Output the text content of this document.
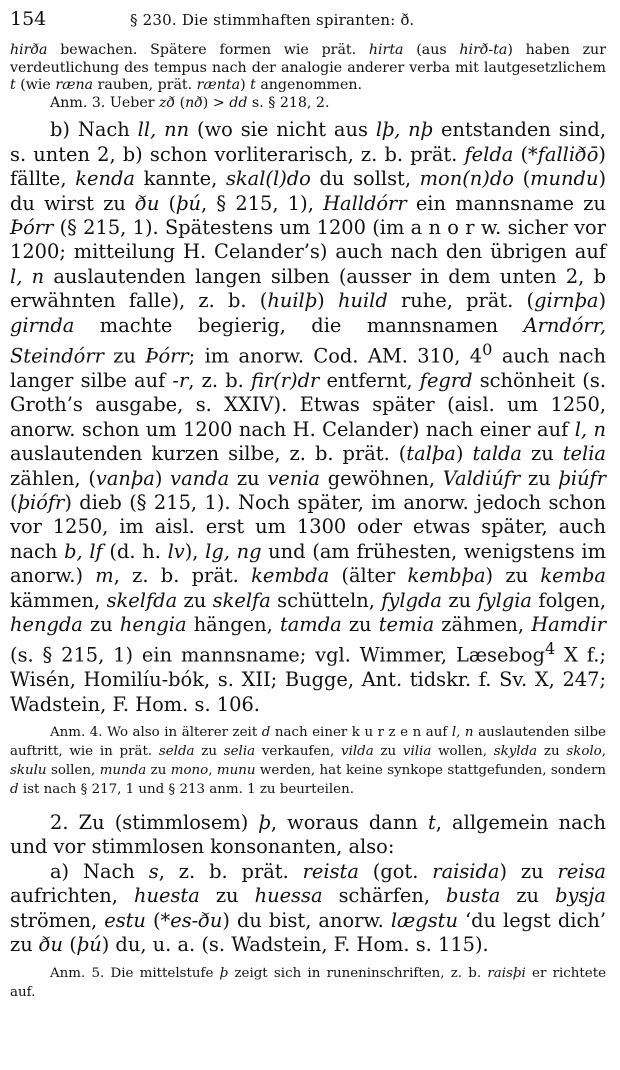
154	§ 230. Die stimmhaften spiranten: ð.

hirða bewachen. Spätere formen wie prät. hirta (aus hirð-ta) haben zur verdeutlichung des tempus nach der analogie anderer verba mit lautgesetzlichem t (wie ræna rauben, prät. rænta) t angenommen.

Anm. 3. Ueber zð (nð) > dd s. § 218, 2.

b) Nach ll, nn (wo sie nicht aus lþ, nþ entstanden sind, s. unten 2, b) schon vorliterarisch, z. b. prät. felda (*falliðō) fällte, kenda kannte, skal(l)do du sollst, mon(n)do (mundu) du wirst zu ðu (þú, § 215, 1), Halldórr ein mannsname zu Þórr (§ 215, 1). Spätestens um 1200 (im a n o r w. sicher vor 1200; mitteilung H. Celander’s) auch nach den übrigen auf l, n auslautenden langen silben (ausser in dem unten 2, b erwähnten falle), z. b. (huilþ) huild ruhe, prät. (girnþa) girnda machte begierig, die mannsnamen Arndórr, Steindórr zu Þórr; im anorw. Cod. AM. 310, $4^0$ auch nach langer silbe auf -r, z. b. fir(r)dr entfernt, fegrd schönheit (s. Groth’s ausgabe, s. XXIV). Etwas später (aisl. um 1250, anorw. schon um 1200 nach H. Celander) nach einer auf l, n auslautenden kurzen silbe, z. b. prät. (talþa) talda zu telia zählen, (vanþa) vanda zu venia gewöhnen, Valdiúfr zu þiúfr (þiófr) dieb (§ 215, 1). Noch später, im anorw. jedoch schon vor 1250, im aisl. erst um 1300 oder etwas später, auch nach b, lf (d. h. lv), lg, ng und (am frühesten, wenigstens im anorw.) m, z. b. prät. kembda (älter kembþa) zu kemba kämmen, skelfda zu skelfa schütteln, fylgda zu fylgia folgen, hengda zu hengia hängen, tamda zu temia zähmen, Hamdir (s. § 215, 1) ein mannsname; vgl. Wimmer, Læsebog$^4$ X f.; Wisén, Homilíu-bók, s. XII; Bugge, Ant. tidskr. f. Sv. X, 247; Wadstein, F. Hom. s. 106.

Anm. 4. Wo also in älterer zeit d nach einer k u r z e n auf l, n auslautenden silbe auftritt, wie in prät. selda zu selia verkaufen, vilda zu vilia wollen, skylda zu skolo, skulu sollen, munda zu mono, munu werden, hat keine synkope stattgefunden, sondern d ist nach § 217, 1 und § 213 anm. 1 zu beurteilen.

2. Zu (stimmlosem) þ, woraus dann t, allgemein nach und vor stimmlosen konsonanten, also:

a) Nach s, z. b. prät. reista (got. raisida) zu reisa aufrichten, huesta zu huessa schärfen, busta zu bysja strömen, estu (*es-ðu) du bist, anorw. lægstu ‘du legst dich’ zu ðu (þú) du, u. a. (s. Wadstein, F. Hom. s. 115).

Anm. 5. Die mittelstufe þ zeigt sich in runeninschriften, z. b. raisþi er richtete auf.
